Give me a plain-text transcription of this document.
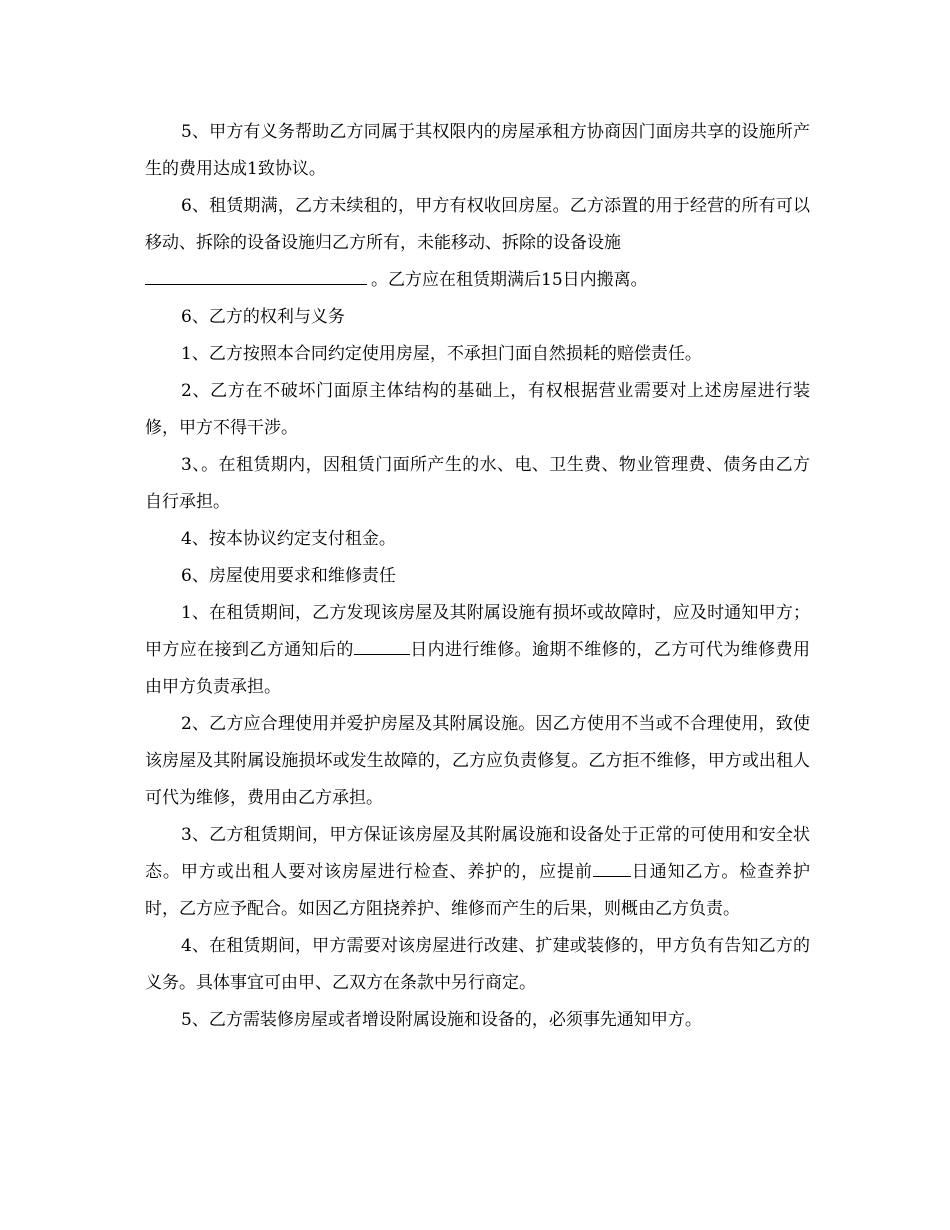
5、甲方有义务帮助乙方同属于其权限内的房屋承租方协商因门面房共享的设施所产生的费用达成1致协议。

6、租赁期满，乙方未续租的，甲方有权收回房屋。乙方添置的用于经营的所有可以移动、拆除的设备设施归乙方所有，未能移动、拆除的设备设施
。乙方应在租赁期满后15日内搬离。

6、乙方的权利与义务

1、乙方按照本合同约定使用房屋，不承担门面自然损耗的赔偿责任。

2、乙方在不破坏门面原主体结构的基础上，有权根据营业需要对上述房屋进行装修，甲方不得干涉。

3、。在租赁期内，因租赁门面所产生的水、电、卫生费、物业管理费、债务由乙方自行承担。

4、按本协议约定支付租金。

6、房屋使用要求和维修责任

1、在租赁期间，乙方发现该房屋及其附属设施有损坏或故障时，应及时通知甲方；甲方应在接到乙方通知后的	日内进行维修。逾期不维修的，乙方可代为维修费用由甲方负责承担。

2、乙方应合理使用并爱护房屋及其附属设施。因乙方使用不当或不合理使用，致使该房屋及其附属设施损坏或发生故障的，乙方应负责修复。乙方拒不维修，甲方或出租人可代为维修，费用由乙方承担。

3、乙方租赁期间，甲方保证该房屋及其附属设施和设备处于正常的可使用和安全状态。甲方或出租人要对该房屋进行检查、养护的，应提前 日通知乙方。检查养护时，乙方应予配合。如因乙方阻挠养护、维修而产生的后果，则概由乙方负责。

4、在租赁期间，甲方需要对该房屋进行改建、扩建或装修的，甲方负有告知乙方的义务。具体事宜可由甲、乙双方在条款中另行商定。

5、乙方需装修房屋或者增设附属设施和设备的，必须事先通知甲方。
